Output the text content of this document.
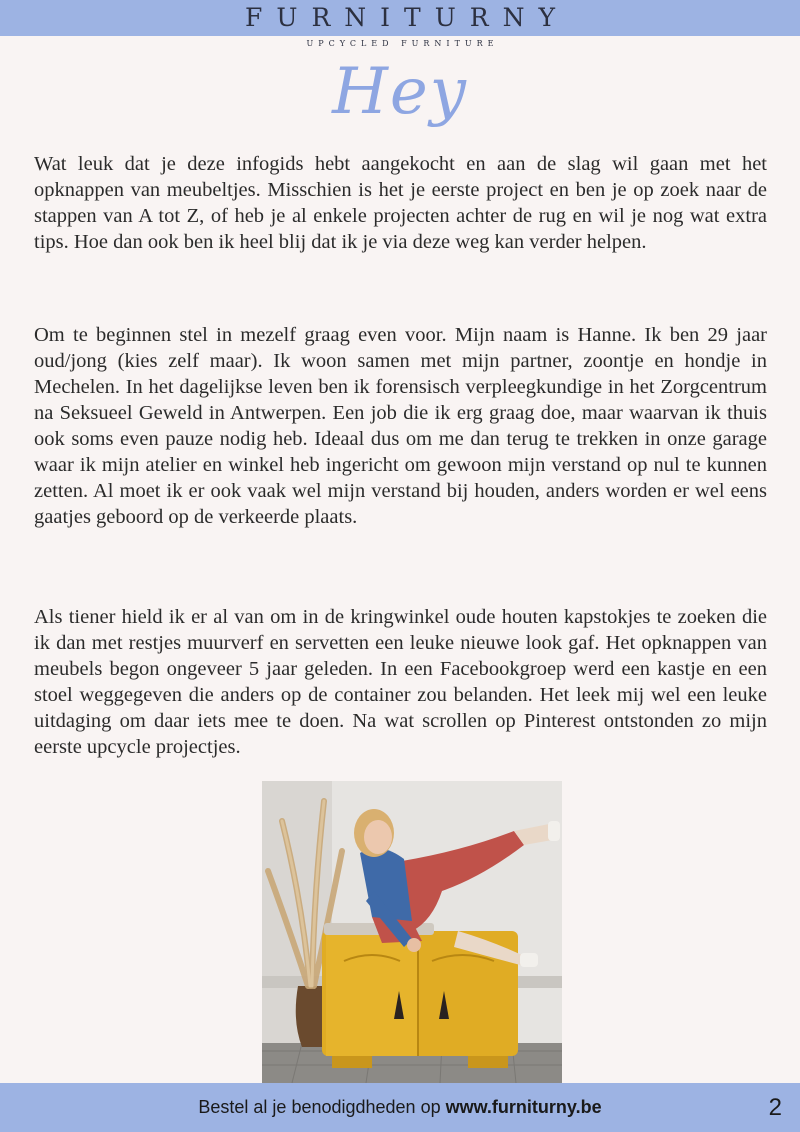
FURNITURNY
UPCYCLED FURNITURE
Hey

Wat leuk dat je deze infogids hebt aangekocht en aan de slag wil gaan met het opknappen van meubeltjes. Misschien is het je eerste project en ben je op zoek naar de stappen van A tot Z, of heb je al enkele projecten achter de rug en wil je nog wat extra tips. Hoe dan ook ben ik heel blij dat ik je via deze weg kan verder helpen.

Om te beginnen stel in mezelf graag even voor. Mijn naam is Hanne. Ik ben 29 jaar oud/jong (kies zelf maar). Ik woon samen met mijn partner, zoontje en hondje in Mechelen. In het dagelijkse leven ben ik forensisch verpleegkundige in het Zorgcentrum na Seksueel Geweld in Antwerpen. Een job die ik erg graag doe, maar waarvan ik thuis ook soms even pauze nodig heb. Ideaal dus om me dan terug te trekken in onze garage waar ik mijn atelier en winkel heb ingericht om gewoon mijn verstand op nul te kunnen zetten. Al moet ik er ook vaak wel mijn verstand bij houden, anders worden er wel eens gaatjes geboord op de verkeerde plaats.

Als tiener hield ik er al van om in de kringwinkel oude houten kapstokjes te zoeken die ik dan met restjes muurverf en servetten een leuke nieuwe look gaf. Het opknappen van meubels begon ongeveer 5 jaar geleden. In een Facebookgroep werd een kastje en een stoel weggegeven die anders op de container zou belanden. Het leek mij wel een leuke uitdaging om daar iets mee te doen. Na wat scrollen op Pinterest ontstonden zo mijn eerste upcycle projectjes.

Bestel al je benodigdheden op www.furniturny.be	2
